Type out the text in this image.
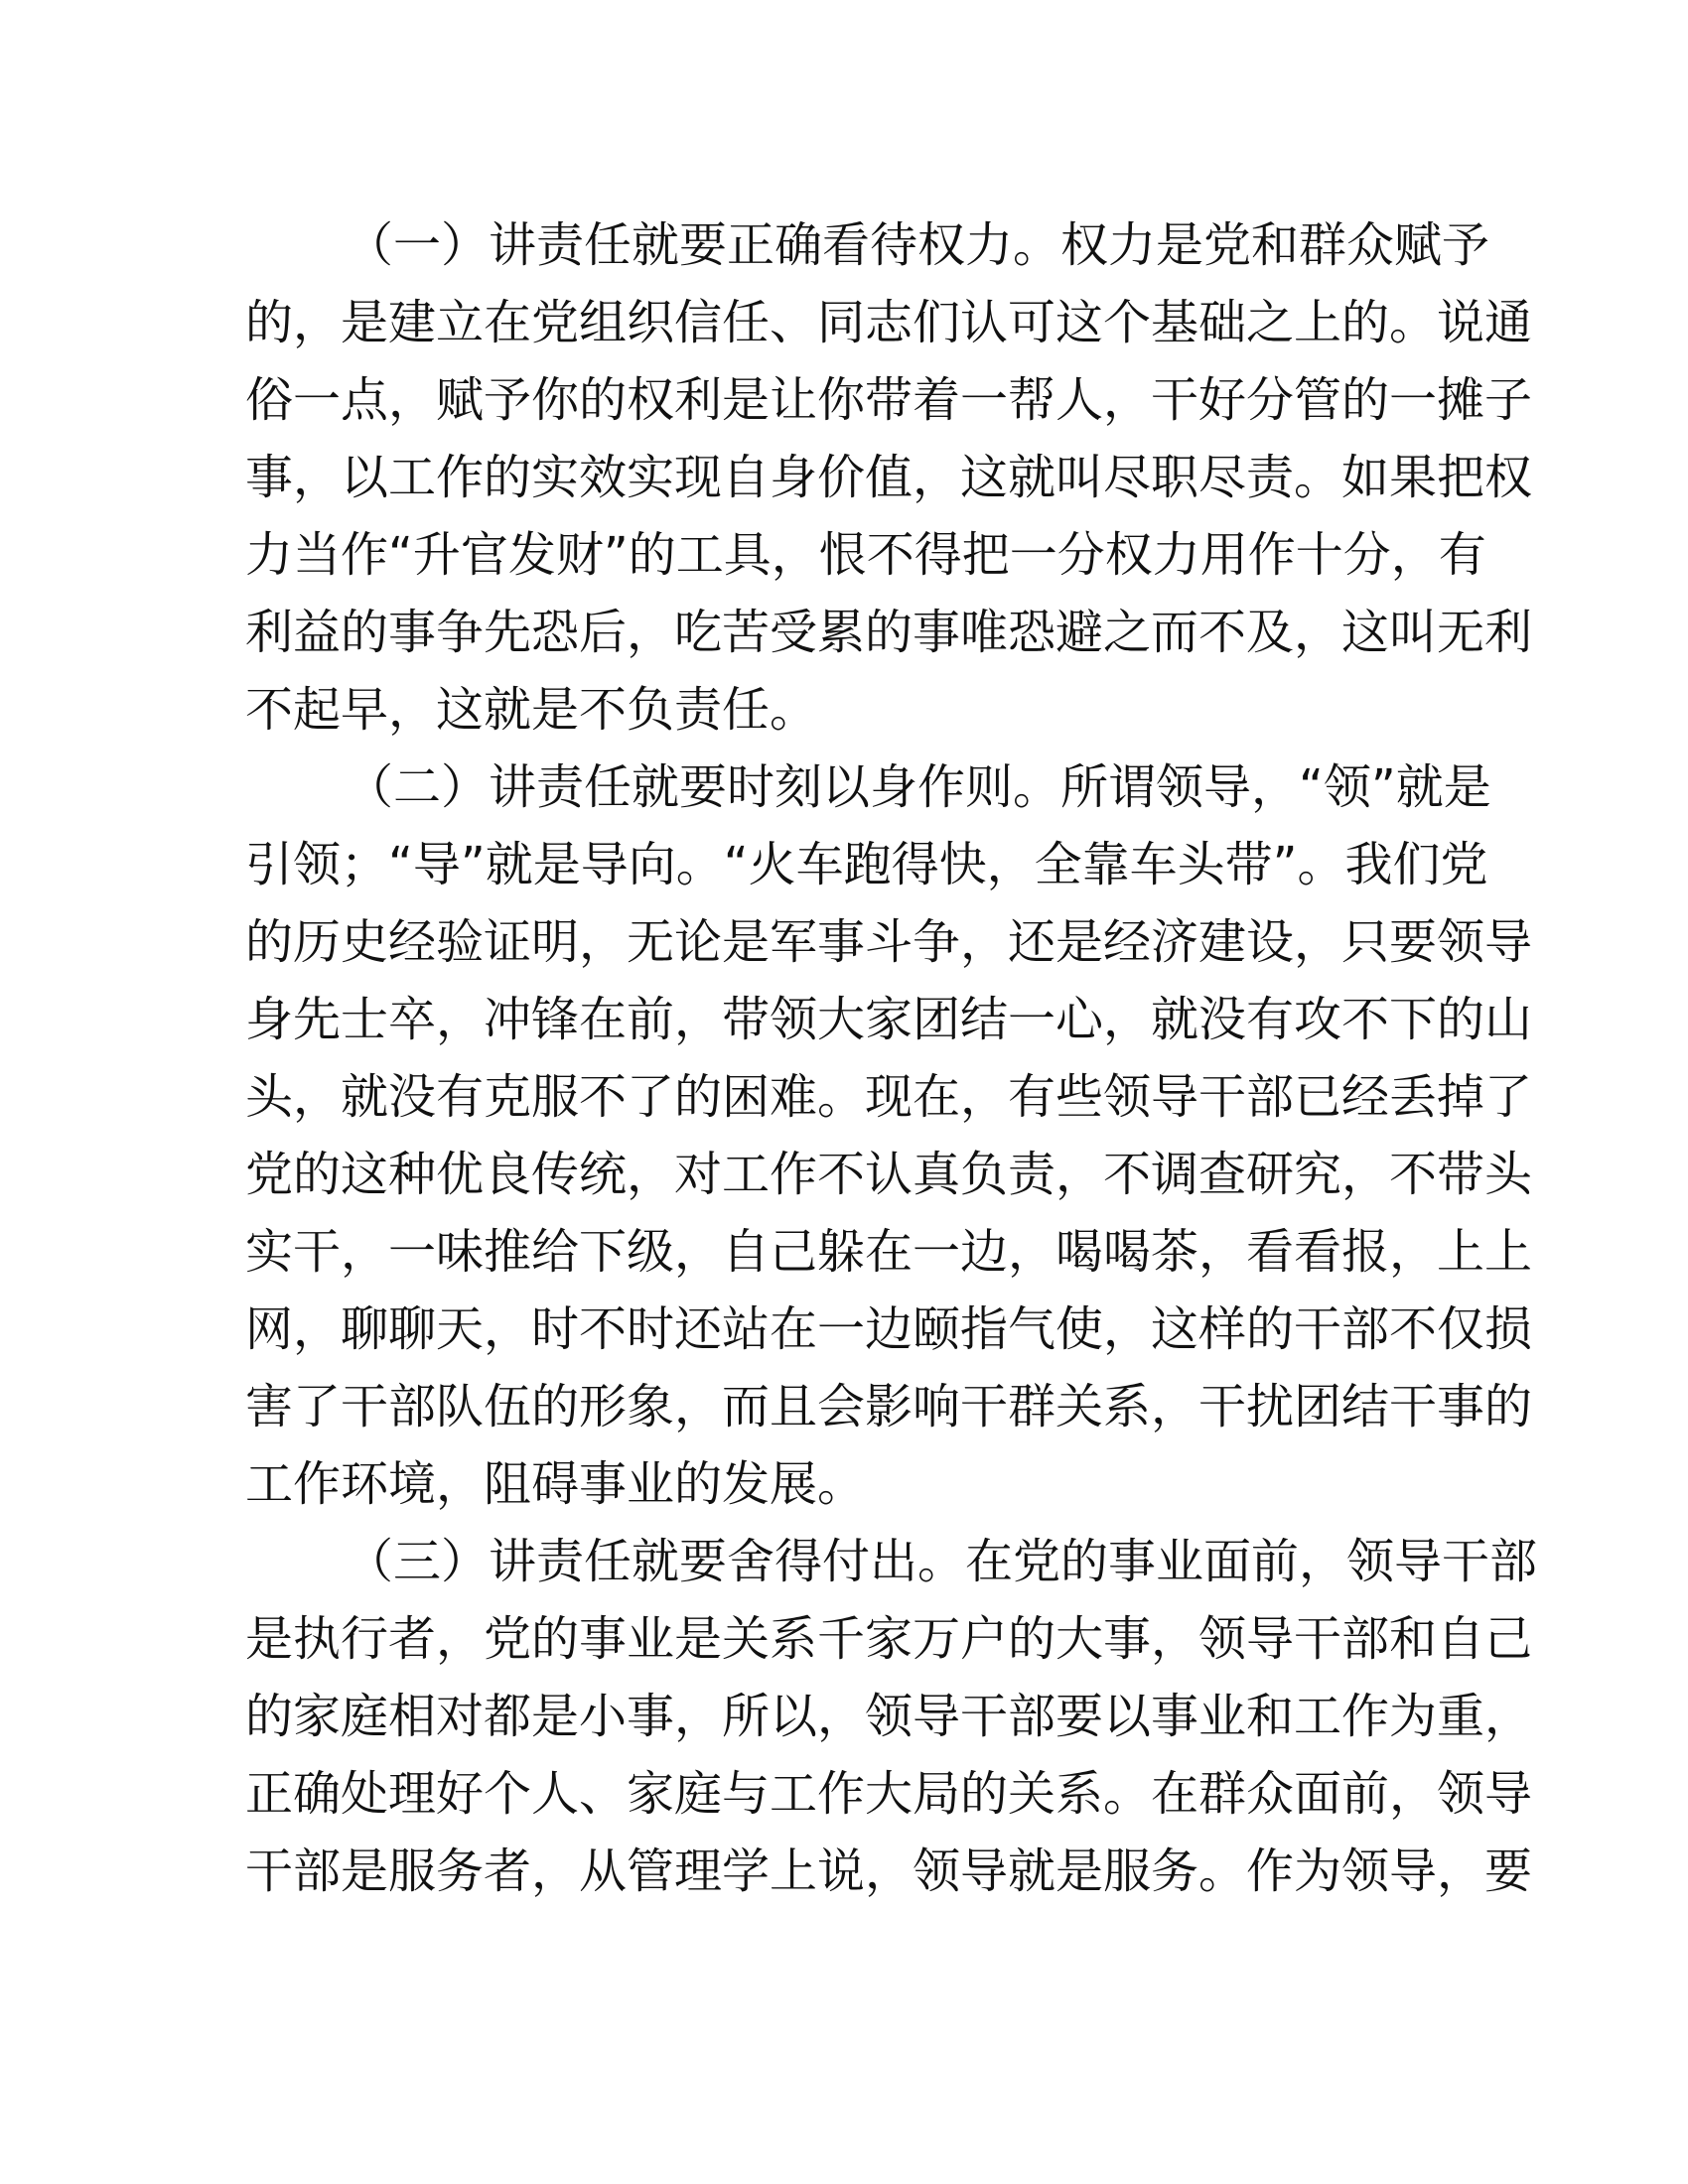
（一）讲责任就要正确看待权力。权力是党和群众赋予
的，是建立在党组织信任、同志们认可这个基础之上的。说通
俗一点，赋予你的权利是让你带着一帮人，干好分管的一摊子
事，以工作的实效实现自身价值，这就叫尽职尽责。如果把权
力当作“升官发财”的工具，恨不得把一分权力用作十分，有
利益的事争先恐后，吃苦受累的事唯恐避之而不及，这叫无利
不起早，这就是不负责任。
（二）讲责任就要时刻以身作则。所谓领导，“领”就是
引领；“导”就是导向。“火车跑得快，全靠车头带”。我们党
的历史经验证明，无论是军事斗争，还是经济建设，只要领导
身先士卒，冲锋在前，带领大家团结一心，就没有攻不下的山
头，就没有克服不了的困难。现在，有些领导干部已经丢掉了
党的这种优良传统，对工作不认真负责，不调查研究，不带头
实干，一味推给下级，自己躲在一边，喝喝茶，看看报，上上
网，聊聊天，时不时还站在一边颐指气使，这样的干部不仅损
害了干部队伍的形象，而且会影响干群关系，干扰团结干事的
工作环境，阻碍事业的发展。
（三）讲责任就要舍得付出。在党的事业面前，领导干部
是执行者，党的事业是关系千家万户的大事，领导干部和自己
的家庭相对都是小事，所以，领导干部要以事业和工作为重，
正确处理好个人、家庭与工作大局的关系。在群众面前，领导
干部是服务者，从管理学上说，领导就是服务。作为领导，要
